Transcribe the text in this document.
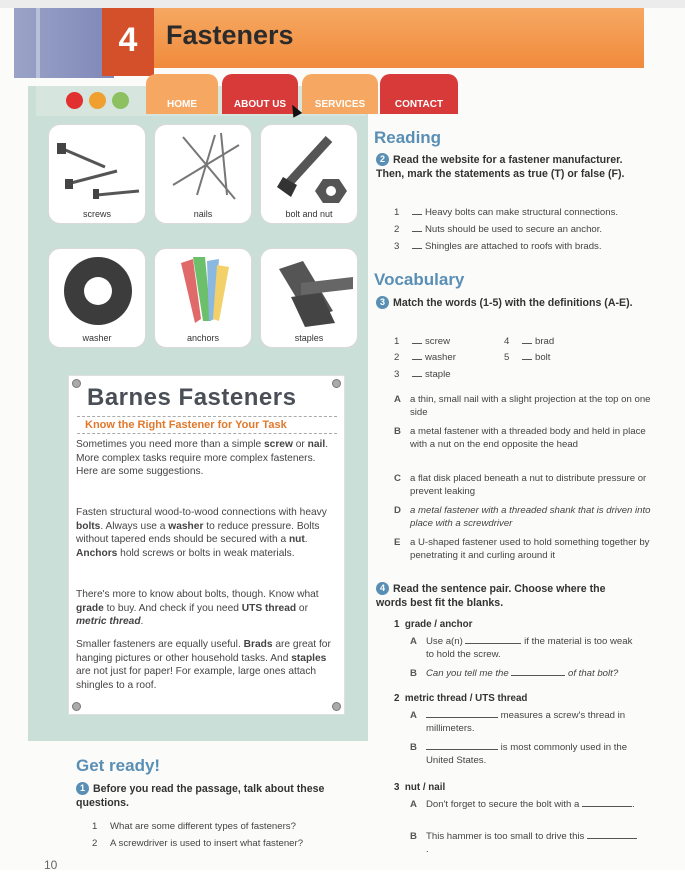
4	Fasteners
HOME	ABOUT US	SERVICES	CONTACT
screws	nails	bolt and nut
washer	anchors	staples
Barnes Fasteners
Know the Right Fastener for Your Task
Sometimes you need more than a simple screw or nail. More complex tasks require more complex fasteners. Here are some suggestions.
Fasten structural wood-to-wood connections with heavy bolts. Always use a washer to reduce pressure. Bolts without tapered ends should be secured with a nut. Anchors hold screws or bolts in weak materials.
There's more to know about bolts, though. Know what grade to buy. And check if you need UTS thread or metric thread.
Smaller fasteners are equally useful. Brads are great for hanging pictures or other household tasks. And staples are not just for paper! For example, large ones attach shingles to a roof.
Get ready!
1 Before you read the passage, talk about these questions.
1 What are some different types of fasteners?
2 A screwdriver is used to insert what fastener?
Reading
2 Read the website for a fastener manufacturer. Then, mark the statements as true (T) or false (F).
1	Heavy bolts can make structural connections.
2	Nuts should be used to secure an anchor.
3	Shingles are attached to roofs with brads.
Vocabulary
3 Match the words (1-5) with the definitions (A-E).
1	screw
2	washer
3	staple
4	brad
5	bolt
A a thin, small nail with a slight projection at the top on one side
B a metal fastener with a threaded body and held in place with a nut on the end opposite the head
C a flat disk placed beneath a nut to distribute pressure or prevent leaking
D a metal fastener with a threaded shank that is driven into place with a screwdriver
E a U-shaped fastener used to hold something together by penetrating it and curling around it
4 Read the sentence pair. Choose where the words best fit the blanks.
1 grade / anchor
A Use a(n)	if the material is too weak to hold the screw.
B Can you tell me the	of that bolt?
2 metric thread / UTS thread
A	measures a screw's thread in millimeters.
B	is most commonly used in the United States.
3 nut / nail
A Don't forget to secure the bolt with a	.
B This hammer is too small to drive this .
10
